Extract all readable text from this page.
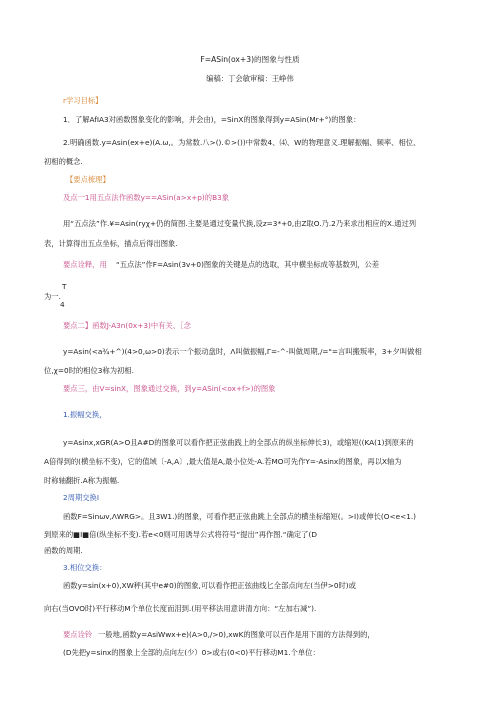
F=ASin(ox+3)的图象与性质
编稿：丁会敏审稿：王峥伟
r学习目标】
1．了解AfIA3对函数图象变化的影响，并会由)，=SinX的图象得到y=ASin(Mr+°)的图象：
2.明确函数.y=Asin(ex+e)(A.ω,。为常数.八>().©>())中常数4、⑷、W的物理意义.理解振幅、频率、相位、
初相的概念.
【要点梳理】
及点一1用五点法作函数y==ASin(a>x+p)的B3象
用“五点法”作.¥=Asin(ryχ+仍的简图.主要是通过变量代换,设z=3*+0,由Z取O.乃.2乃来求出相应的X.通过列
表，计算得出五点坐标，描点后得出图象.
要点诠释，用 “五点法”作F=Asin(3v+0)图象的关键是点的选取，其中横坐标成等基数列，公差
T
为一.
4
要点二】函数J-A3n(0x+3)中有关、［念
y=Asin(<a¾+^)(4>0,ω>0)表示一个振动盘时，Λ叫做振幅,Γ=-^-叫做周期,/="=言叫搬叛率，3+夕叫做相
位,χ=0时的相位3称为初相.
要点三，由V=sinX，图象通过交换，到y=ASin(<ox+f>)的图象
1.振幅交换，
y=Asinx,xGR(A>O且A#D的图象可以看作把正弦曲践上的全部点的纵坐标伸长3)，或缩短((KA(1)到原来的
A倍得到的(横坐标不变)，它的值域〔-A,A〕,最大值是A,最小位处-A.若MO可先作Y=-Asinx的图象，再以X轴为
时称轴翻折.A称为振幅.
2周期交换I
函数F=Sinωv,ΛWRG>。且3W1.)的图象，可看作把正弦曲跳上全部点的横坐标缩短(。>I)或伸长(O<e<1.)
到原来的■I■倍(纵坐标不变).若e<0则可用诱导公式将符号“提出”再作图.“确定了(D
函数的周期.
3.相位交换：
函数y=sin(x+0),XW秤(其中e#0)的图象,可以看作把正弦曲线匕全部点向左(当伊>0时)或
向右(当OVO时)平行移动M个单位长度而泪到.(用平移法用意讲清方向：“左加右减”).
要点诠铃 一般地,函数y=AsiWwx+e)(A>0,/>0),xwK的图象可以百作是用下面的方法得到的，
(D先把y=sinx的图象上全部的点向左(少）0>或右(0<0)平行移动M1.个单位：
